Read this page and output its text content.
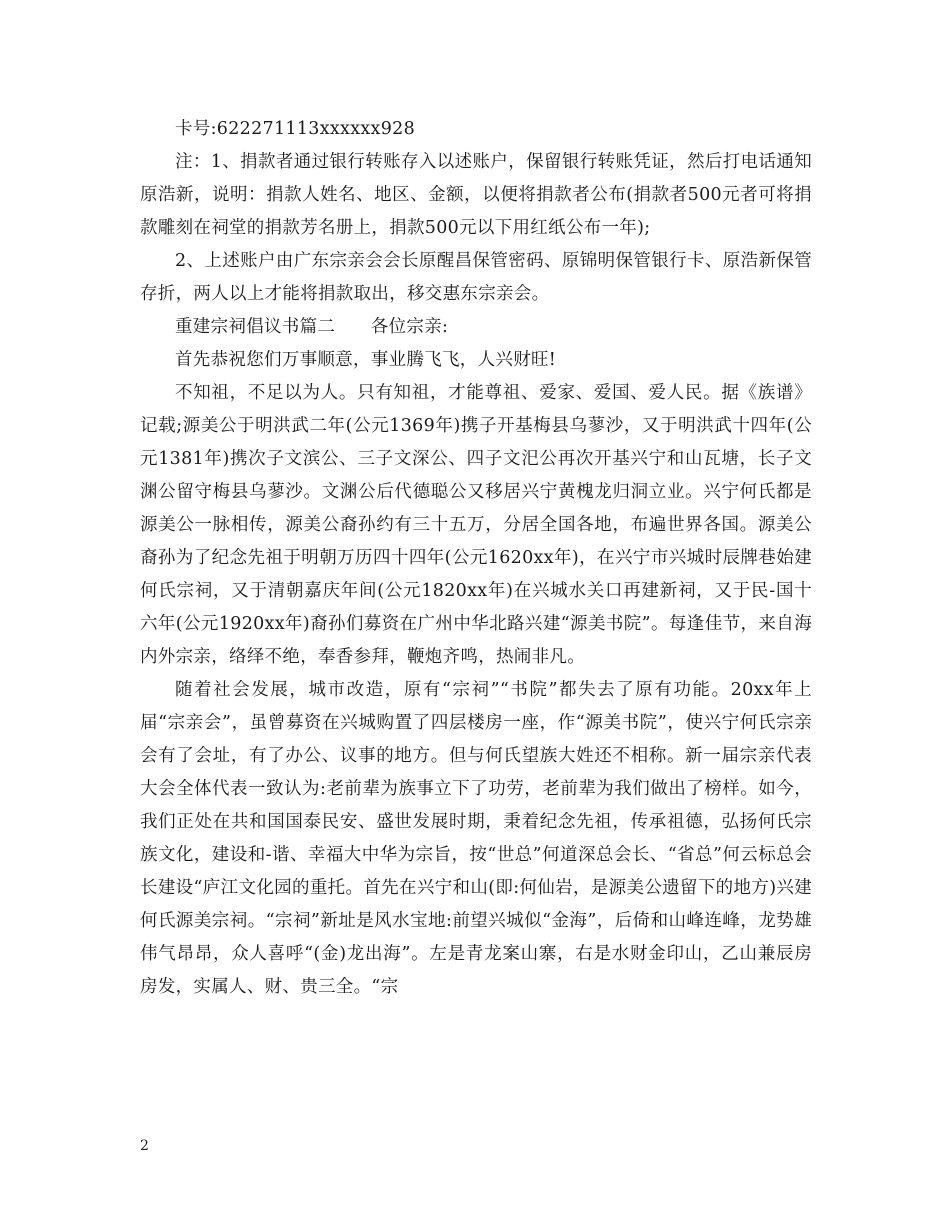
卡号:622271113xxxxxx928

注：1、捐款者通过银行转账存入以述账户，保留银行转账凭证，然后打电话通知原浩新，说明：捐款人姓名、地区、金额，以便将捐款者公布(捐款者500元者可将捐款雕刻在祠堂的捐款芳名册上，捐款500元以下用红纸公布一年);

2、上述账户由广东宗亲会会长原醒昌保管密码、原锦明保管银行卡、原浩新保管存折，两人以上才能将捐款取出，移交惠东宗亲会。

重建宗祠倡议书篇二　　各位宗亲:

首先恭祝您们万事顺意，事业腾飞飞，人兴财旺!

不知祖，不足以为人。只有知祖，才能尊祖、爱家、爱国、爱人民。据《族谱》记载;源美公于明洪武二年(公元1369年)携子开基梅县乌蓼沙，又于明洪武十四年(公元1381年)携次子文滨公、三子文深公、四子文汜公再次开基兴宁和山瓦塘，长子文渊公留守梅县乌蓼沙。文渊公后代德聪公又移居兴宁黄槐龙归洞立业。兴宁何氏都是源美公一脉相传，源美公裔孙约有三十五万，分居全国各地，布遍世界各国。源美公裔孙为了纪念先祖于明朝万历四十四年(公元1620xx年)，在兴宁市兴城时辰牌巷始建何氏宗祠，又于清朝嘉庆年间(公元1820xx年)在兴城水关口再建新祠，又于民-国十六年(公元1920xx年)裔孙们募资在广州中华北路兴建“源美书院”。每逢佳节，来自海内外宗亲，络绎不绝，奉香参拜，鞭炮齐鸣，热闹非凡。

随着社会发展，城市改造，原有“宗祠”“书院”都失去了原有功能。20xx年上届“宗亲会”，虽曾募资在兴城购置了四层楼房一座，作“源美书院”，使兴宁何氏宗亲会有了会址，有了办公、议事的地方。但与何氏望族大姓还不相称。新一届宗亲代表大会全体代表一致认为:老前辈为族事立下了功劳，老前辈为我们做出了榜样。如今，我们正处在共和国国泰民安、盛世发展时期，秉着纪念先祖，传承祖德，弘扬何氏宗族文化，建设和-谐、幸福大中华为宗旨，按“世总”何道深总会长、“省总”何云标总会长建设“庐江文化园的重托。首先在兴宁和山(即:何仙岩，是源美公遗留下的地方)兴建何氏源美宗祠。“宗祠”新址是风水宝地:前望兴城似“金海”，后倚和山峰连峰，龙势雄伟气昂昂，众人喜呼“(金)龙出海”。左是青龙案山寨，右是水财金印山，乙山兼辰房房发，实属人、财、贵三全。“宗

2
